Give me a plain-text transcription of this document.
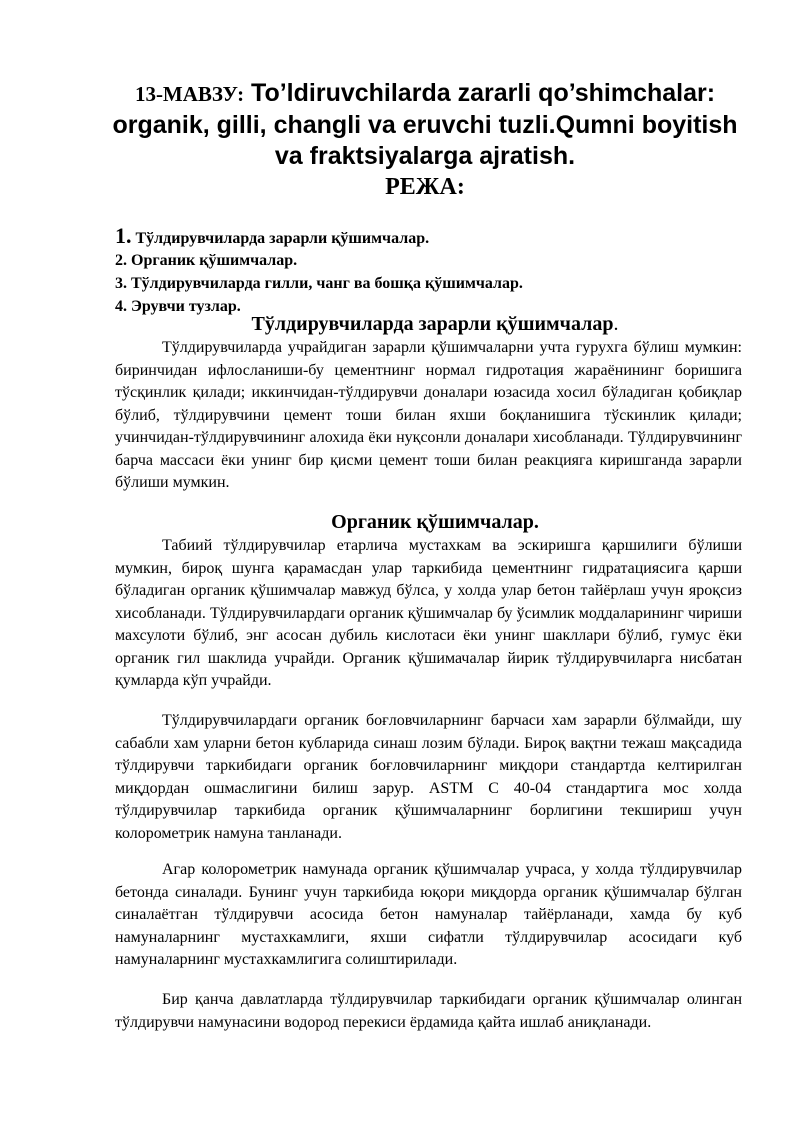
13-МАВЗУ: To’ldiruvchilarda zararli qo’shimchalar: organik, gilli, changli va eruvchi tuzli.Qumni boyitish va fraktsiyalarga ajratish.
РЕЖА:
1. Тўлдирувчиларда зарарли қўшимчалар.
2. Органик қўшимчалар.
3. Тўлдирувчиларда гилли, чанг ва бошқа қўшимчалар.
4. Эрувчи тузлар.
Тўлдирувчиларда зарарли қўшимчалар.

Тўлдирувчиларда учрайдиган зарарли қўшимчаларни учта гурухга бўлиш мумкин: биринчидан ифлосланиши-бу цементнинг нормал гидротация жараёнининг боришига тўсқинлик қилади; иккинчидан-тўлдирувчи доналари юзасида хосил бўладиган қобиқлар бўлиб, тўлдирувчини цемент тоши билан яхши боқланишига тўскинлик қилади; учинчидан-тўлдирувчининг алохида ёки нуқсонли доналари хисобланади. Тўлдирувчининг барча массаси ёки унинг бир қисми цемент тоши билан реакцияга киришганда зарарли бўлиши мумкин.

Органик қўшимчалар.

Табиий тўлдирувчилар етарлича мустахкам ва эскиришга қаршилиги бўлиши мумкин, бироқ шунга қарамасдан улар таркибида цементнинг гидратациясига қарши бўладиган органик қўшимчалар мавжуд бўлса, у холда улар бетон тайёрлаш учун яроқсиз хисобланади. Тўлдирувчилардаги органик қўшимчалар бу ўсимлик моддаларининг чириши махсулоти бўлиб, энг асосан дубиль кислотаси ёки унинг шакллари бўлиб, гумус ёки органик гил шаклида учрайди. Органик қўшимачалар йирик тўлдирувчиларга нисбатан қумларда кўп учрайди.

Тўлдирувчилардаги органик боғловчиларнинг барчаси хам зарарли бўлмайди, шу сабабли хам уларни бетон кубларида синаш лозим бўлади. Бироқ вақтни тежаш мақсадида тўлдирувчи таркибидаги органик боғловчиларнинг миқдори стандартда келтирилган миқдордан ошмаслигини билиш зарур. ASTM C 40-04 стандартига мос холда тўлдирувчилар таркибида органик қўшимчаларнинг борлигини текшириш учун колорометрик намуна танланади.

Агар колорометрик намунада органик қўшимчалар учраса, у холда тўлдирувчилар бетонда синалади. Бунинг учун таркибида юқори миқдорда органик қўшимчалар бўлган синалаётган тўлдирувчи асосида бетон намуналар тайёрланади, хамда бу куб намуналарнинг мустахкамлиги, яхши сифатли тўлдирувчилар асосидаги куб намуналарнинг мустахкамлигига солиштирилади.

Бир қанча давлатларда тўлдирувчилар таркибидаги органик қўшимчалар олинган тўлдирувчи намунасини водород перекиси ёрдамида қайта ишлаб аниқланади.
